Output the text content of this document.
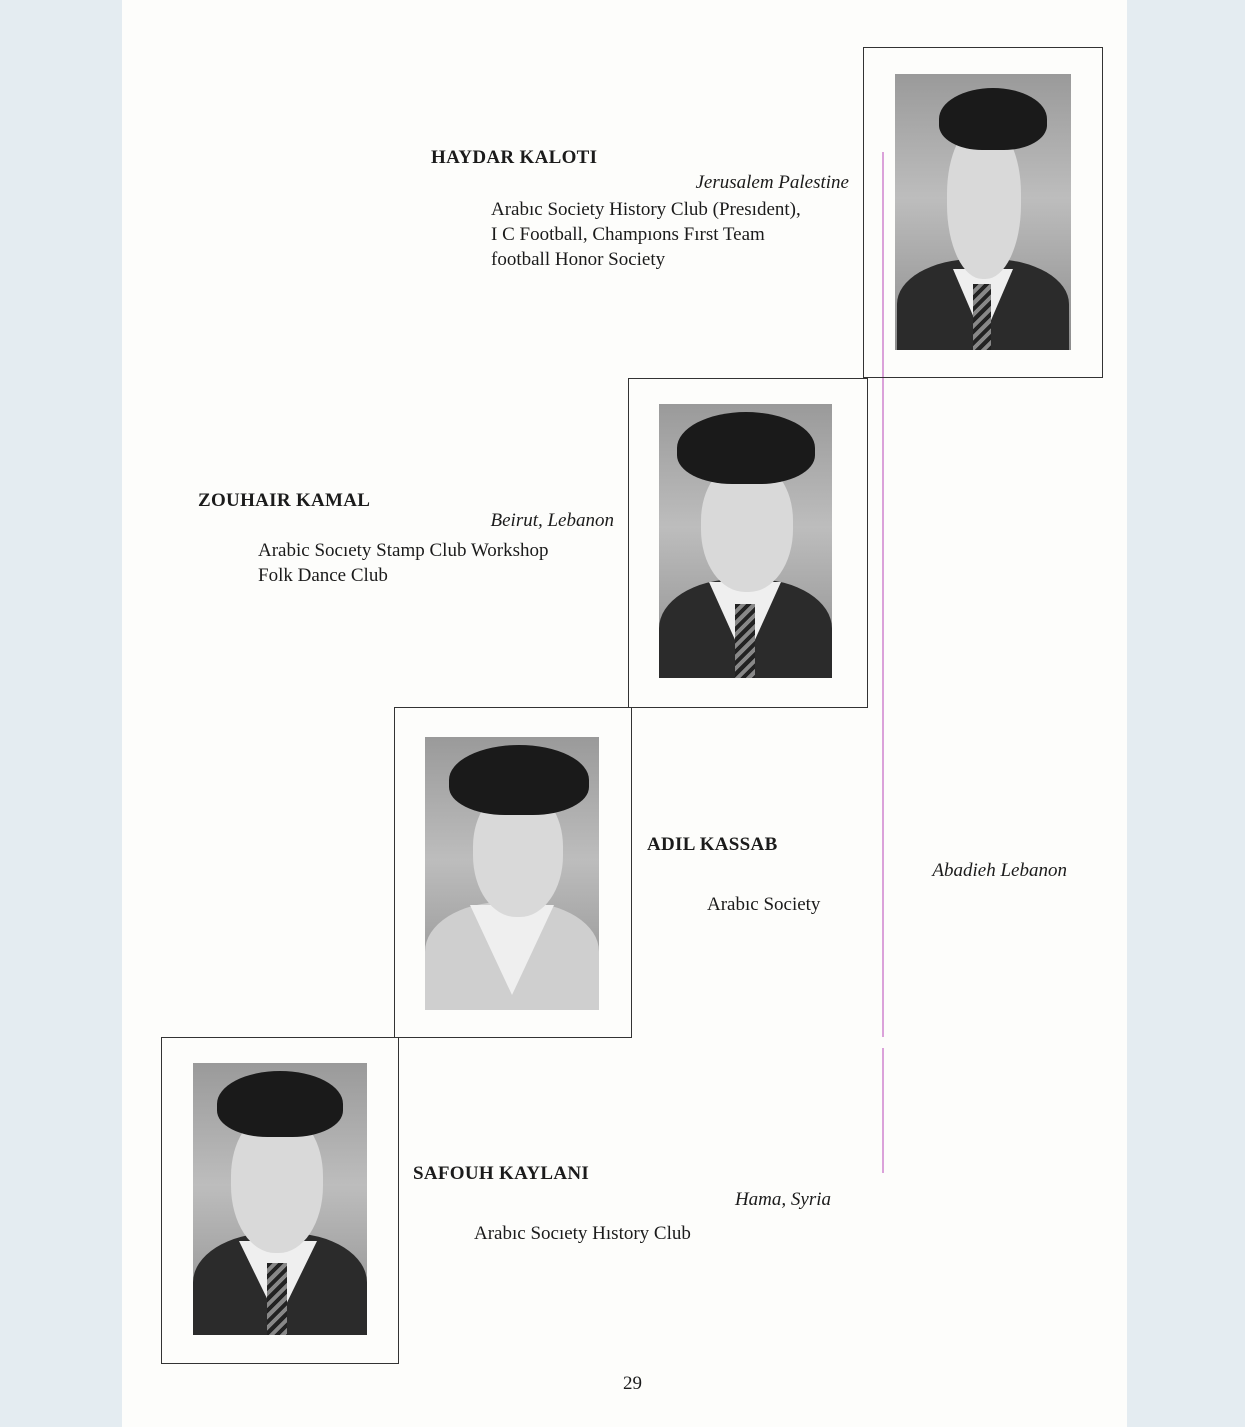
HAYDAR KALOTI
Jerusalem Palestine
Arabıc Society History Club (Presıdent),
I C Football, Champıons Fırst Team
football Honor Society
ZOUHAIR KAMAL
Beirut, Lebanon
Arabic Socıety Stamp Club Workshop
Folk Dance Club
ADIL KASSAB
Abadieh Lebanon
Arabıc Society
SAFOUH KAYLANI
Hama, Syria
Arabıc Socıety Hıstory Club
29
